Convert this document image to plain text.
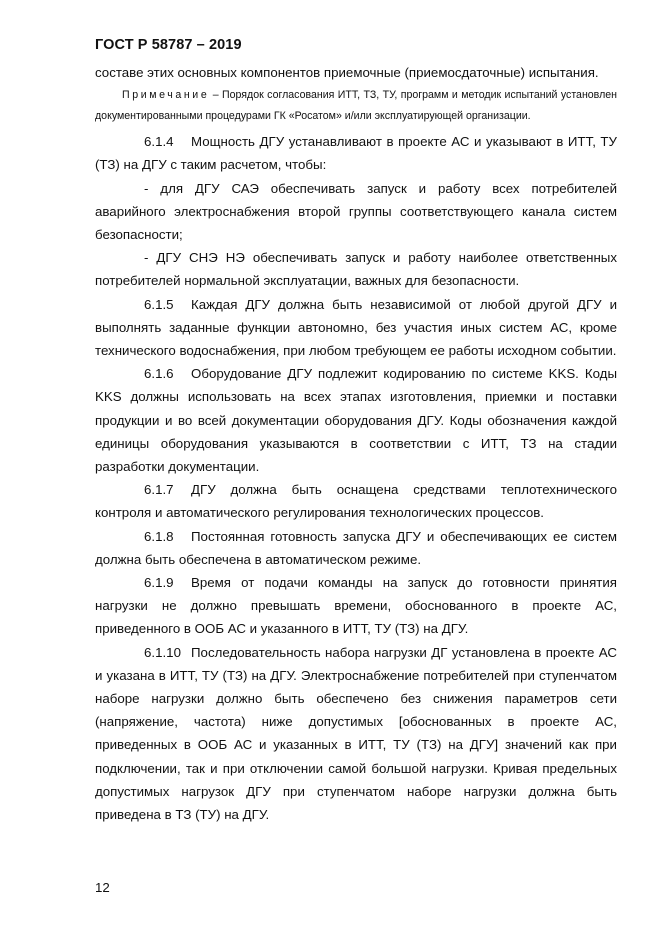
ГОСТ Р 58787 – 2019

составе этих основных компонентов приемочные (приемосдаточные) испытания.

Примечание – Порядок согласования ИТТ, ТЗ, ТУ, программ и методик испытаний установлен документированными процедурами ГК «Росатом» и/или эксплуатирующей организации.

6.1.4 Мощность ДГУ устанавливают в проекте АС и указывают в ИТТ, ТУ (ТЗ) на ДГУ с таким расчетом, чтобы:

- для ДГУ САЭ обеспечивать запуск и работу всех потребителей аварийного электроснабжения второй группы соответствующего канала систем безопасности;

- ДГУ СНЭ НЭ обеспечивать запуск и работу наиболее ответственных потребителей нормальной эксплуатации, важных для безопасности.

6.1.5 Каждая ДГУ должна быть независимой от любой другой ДГУ и выполнять заданные функции автономно, без участия иных систем АС, кроме технического водоснабжения, при любом требующем ее работы исходном событии.

6.1.6 Оборудование ДГУ подлежит кодированию по системе KKS. Коды KKS должны использовать на всех этапах изготовления, приемки и поставки продукции и во всей документации оборудования ДГУ. Коды обозначения каждой единицы оборудования указываются в соответствии с ИТТ, ТЗ на стадии разработки документации.

6.1.7 ДГУ должна быть оснащена средствами теплотехнического контроля и автоматического регулирования технологических процессов.

6.1.8 Постоянная готовность запуска ДГУ и обеспечивающих ее систем должна быть обеспечена в автоматическом режиме.

6.1.9 Время от подачи команды на запуск до готовности принятия нагрузки не должно превышать времени, обоснованного в проекте АС, приведенного в ООБ АС и указанного в ИТТ, ТУ (ТЗ) на ДГУ.

6.1.10 Последовательность набора нагрузки ДГ установлена в проекте АС и указана в ИТТ, ТУ (ТЗ) на ДГУ. Электроснабжение потребителей при ступенчатом наборе нагрузки должно быть обеспечено без снижения параметров сети (напряжение, частота) ниже допустимых [обоснованных в проекте АС, приведенных в ООБ АС и указанных в ИТТ, ТУ (ТЗ) на ДГУ] значений как при подключении, так и при отключении самой большой нагрузки. Кривая предельных допустимых нагрузок ДГУ при ступенчатом наборе нагрузки должна быть приведена в ТЗ (ТУ) на ДГУ.

12
